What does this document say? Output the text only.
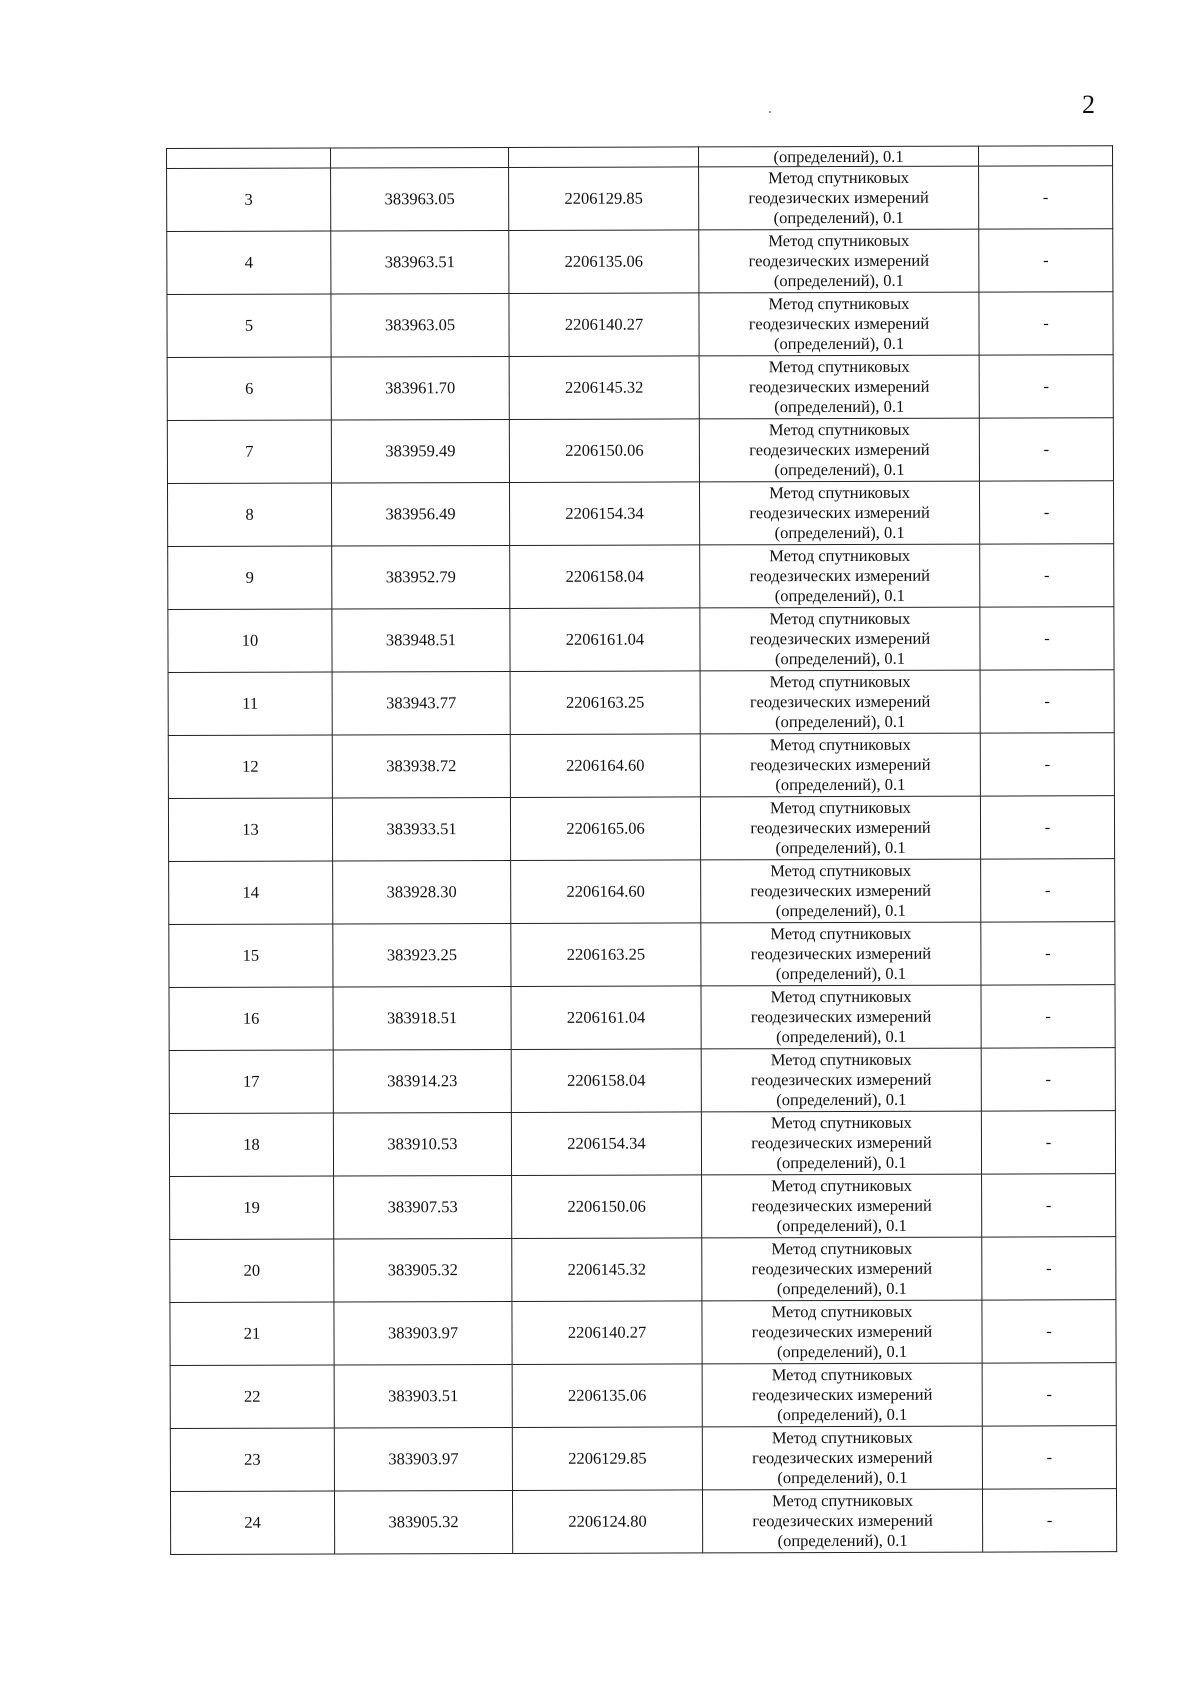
2
			(определений), 0.1	
3	383963.05	2206129.85	Метод спутниковых
геодезических измерений
(определений), 0.1	-
4	383963.51	2206135.06	Метод спутниковых
геодезических измерений
(определений), 0.1	-
5	383963.05	2206140.27	Метод спутниковых
геодезических измерений
(определений), 0.1	-
6	383961.70	2206145.32	Метод спутниковых
геодезических измерений
(определений), 0.1	-
7	383959.49	2206150.06	Метод спутниковых
геодезических измерений
(определений), 0.1	-
8	383956.49	2206154.34	Метод спутниковых
геодезических измерений
(определений), 0.1	-
9	383952.79	2206158.04	Метод спутниковых
геодезических измерений
(определений), 0.1	-
10	383948.51	2206161.04	Метод спутниковых
геодезических измерений
(определений), 0.1	-
11	383943.77	2206163.25	Метод спутниковых
геодезических измерений
(определений), 0.1	-
12	383938.72	2206164.60	Метод спутниковых
геодезических измерений
(определений), 0.1	-
13	383933.51	2206165.06	Метод спутниковых
геодезических измерений
(определений), 0.1	-
14	383928.30	2206164.60	Метод спутниковых
геодезических измерений
(определений), 0.1	-
15	383923.25	2206163.25	Метод спутниковых
геодезических измерений
(определений), 0.1	-
16	383918.51	2206161.04	Метод спутниковых
геодезических измерений
(определений), 0.1	-
17	383914.23	2206158.04	Метод спутниковых
геодезических измерений
(определений), 0.1	-
18	383910.53	2206154.34	Метод спутниковых
геодезических измерений
(определений), 0.1	-
19	383907.53	2206150.06	Метод спутниковых
геодезических измерений
(определений), 0.1	-
20	383905.32	2206145.32	Метод спутниковых
геодезических измерений
(определений), 0.1	-
21	383903.97	2206140.27	Метод спутниковых
геодезических измерений
(определений), 0.1	-
22	383903.51	2206135.06	Метод спутниковых
геодезических измерений
(определений), 0.1	-
23	383903.97	2206129.85	Метод спутниковых
геодезических измерений
(определений), 0.1	-
24	383905.32	2206124.80	Метод спутниковых
геодезических измерений
(определений), 0.1	-
